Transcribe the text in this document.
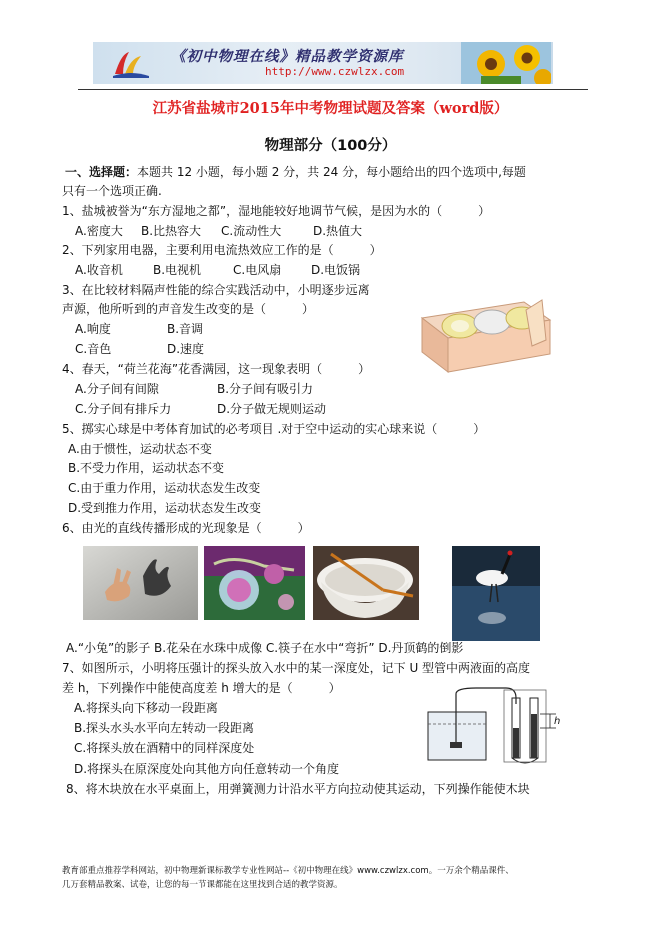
《初中物理在线》精品教学资源库
http://www.czwlzx.com
江苏省盐城市2015年中考物理试题及答案（word版）
物理部分（100分）
一、选择题：本题共 12 小题，每小题 2 分，共 24 分，每小题给出的四个选项中,每题
只有一个选项正确.
1、盐城被誉为“东方湿地之都”，湿地能较好地调节气候，是因为水的（　　　）
A.密度大 B.比热容大 C.流动性大	D.热值大
2、下列家用电器，主要利用电流热效应工作的是（　　　）
A.收音机	B.电视机	C.电风扇 D.电饭锅
3、在比较材料隔声性能的综合实践活动中，小明逐步远离
声源，他所听到的声音发生改变的是（　　　）
A.响度	B.音调
C.音色	D.速度
4、春天，“荷兰花海”花香满园，这一现象表明（　　　）
A.分子间有间隙	B.分子间有吸引力
C.分子间有排斥力	D.分子做无规则运动
5、掷实心球是中考体育加试的必考项目 .对于空中运动的实心球来说（　　　）
A.由于惯性，运动状态不变
B.不受力作用，运动状态不变
C.由于重力作用，运动状态发生改变
D.受到推力作用，运动状态发生改变
6、由光的直线传播形成的光现象是（　　　）
A.“小兔”的影子 B.花朵在水珠中成像 C.筷子在水中“弯折” D.丹顶鹤的倒影
7、如图所示，小明将压强计的探头放入水中的某一深度处，记下 U 型管中两液面的高度
差 h，下列操作中能使高度差 h 增大的是（　　　）
A.将探头向下移动一段距离
B.探头水头水平向左转动一段距离
C.将探头放在酒精中的同样深度处
D.将探头在原深度处向其他方向任意转动一个角度
h
8、将木块放在水平桌面上，用弹簧测力计沿水平方向拉动使其运动，下列操作能使木块
教育部重点推荐学科网站，初中物理新课标教学专业性网站--《初中物理在线》www.czwlzx.com。一万余个精品课件、
几万套精品教案、试卷，让您的每一节课都能在这里找到合适的教学资源。
